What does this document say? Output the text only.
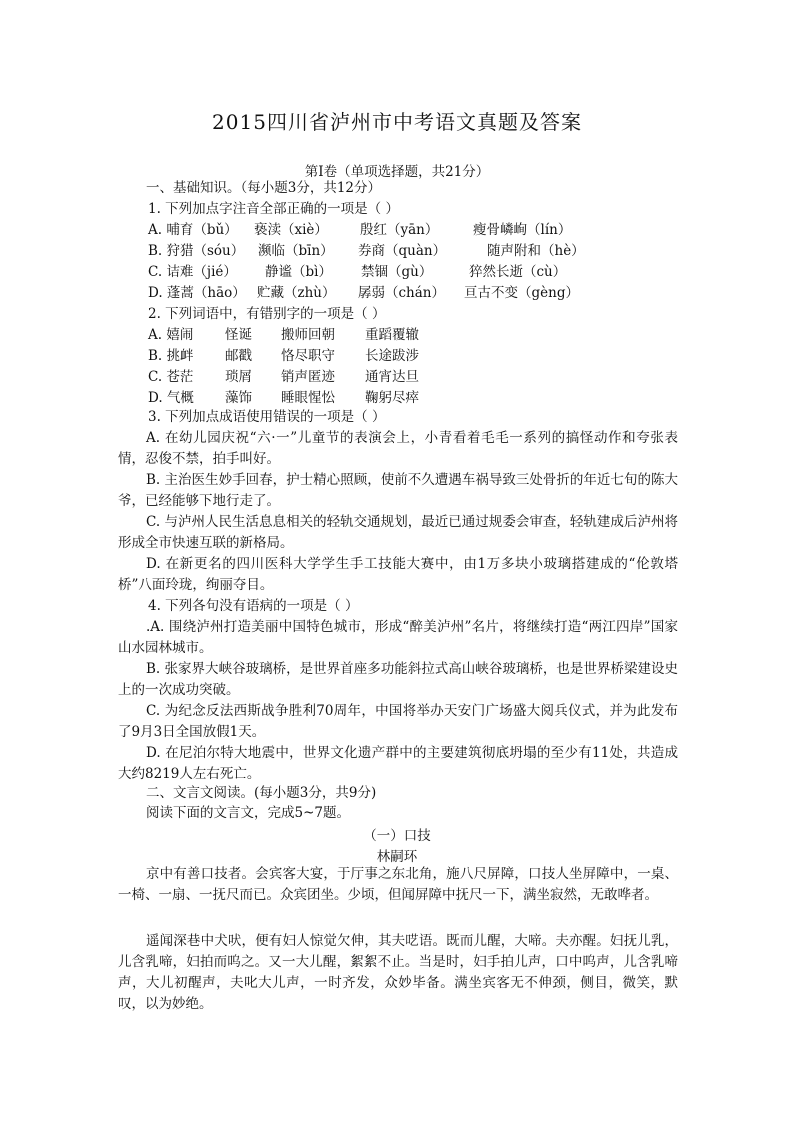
2015四川省泸州市中考语文真题及答案
第Ⅰ卷（单项选择题，共21分）
一、基础知识。（每小题3分，共12分）
1. 下列加点字注音全部正确的一项是（ ）
A. 哺育（bǔ） 亵渎（xiè） 殷红（yān）	瘦骨嶙峋（lín）
B. 狩猎（sóu） 濒临（bīn） 券商（quàn）	随声附和（hè）
C. 诘难（jié） 静谧（bì） 禁锢（gù）	猝然长逝（cù）
D. 蓬蒿（hāo） 贮藏（zhù） 孱弱（chán） 亘古不变（gèng）
2. 下列词语中，有错别字的一项是（ ）
A. 嬉闹 怪诞 搬师回朝 重蹈覆辙
B. 挑衅 邮戳 恪尽职守 长途跋涉
C. 苍茫 琐屑 销声匿迹 通宵达旦
D. 气概 藻饰 睡眼惺忪 鞠躬尽瘁
3. 下列加点成语使用错误的一项是（ ）
A. 在幼儿园庆祝“六·一”儿童节的表演会上，小青看着毛毛一系列的搞怪动作和夸张表情，忍俊不禁，拍手叫好。
B. 主治医生妙手回春，护士精心照顾，使前不久遭遇车祸导致三处骨折的年近七旬的陈大爷，已经能够下地行走了。
C. 与泸州人民生活息息相关的轻轨交通规划，最近已通过规委会审查，轻轨建成后泸州将形成全市快速互联的新格局。
D. 在新更名的四川医科大学学生手工技能大赛中，由1万多块小玻璃搭建成的“伦敦塔桥”八面玲珑，绚丽夺目。
4. 下列各句没有语病的一项是（ ）
.A. 围绕泸州打造美丽中国特色城市，形成“醉美泸州”名片，将继续打造“两江四岸”国家山水园林城市。
B. 张家界大峡谷玻璃桥，是世界首座多功能斜拉式高山峡谷玻璃桥，也是世界桥梁建设史上的一次成功突破。
C. 为纪念反法西斯战争胜利70周年，中国将举办天安门广场盛大阅兵仪式，并为此发布了9月3日全国放假1天。
D. 在尼泊尔特大地震中，世界文化遗产群中的主要建筑彻底坍塌的至少有11处，共造成大约8219人左右死亡。
二、文言文阅读。(每小题3分，共9分)
阅读下面的文言文，完成5~7题。
（一）口技
林嗣环
京中有善口技者。会宾客大宴，于厅事之东北角，施八尺屏障，口技人坐屏障中，一桌、一椅、一扇、一抚尺而已。众宾团坐。少顷，但闻屏障中抚尺一下，满坐寂然，无敢哗者。
遥闻深巷中犬吠，便有妇人惊觉欠伸，其夫呓语。既而儿醒，大啼。夫亦醒。妇抚儿乳，儿含乳啼，妇拍而呜之。又一大儿醒，絮絮不止。当是时，妇手拍儿声，口中呜声，儿含乳啼声，大儿初醒声，夫叱大儿声，一时齐发，众妙毕备。满坐宾客无不伸颈，侧目，微笑，默叹，以为妙绝。
